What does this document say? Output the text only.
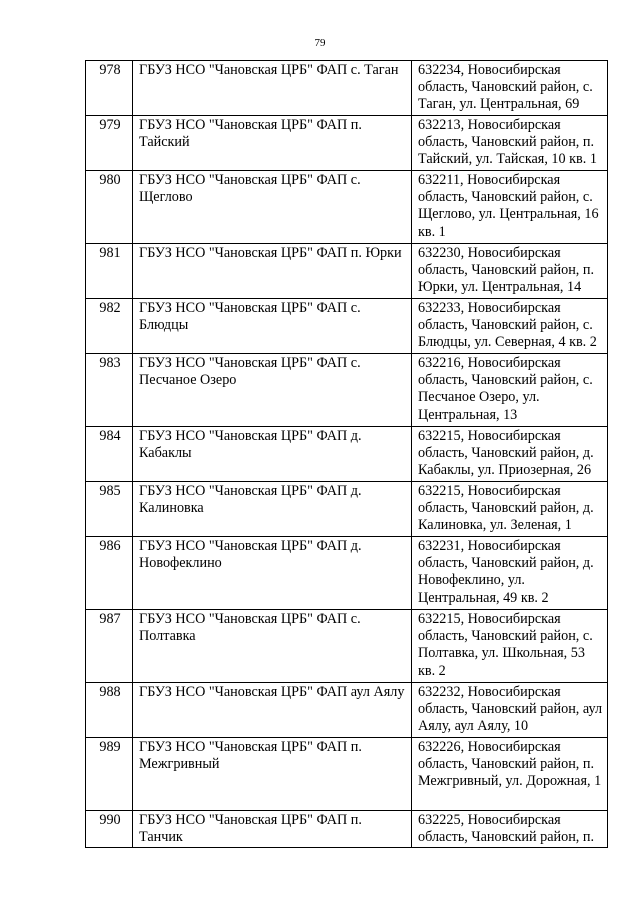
79
978	ГБУЗ НСО "Чановская ЦРБ" ФАП с. Таган	632234, Новосибирская область, Чановский район, с. Таган, ул. Центральная, 69
979	ГБУЗ НСО "Чановская ЦРБ" ФАП п. Тайский	632213, Новосибирская область, Чановский район, п. Тайский, ул. Тайская, 10 кв. 1
980	ГБУЗ НСО "Чановская ЦРБ" ФАП с. Щеглово	632211, Новосибирская область, Чановский район, с. Щеглово, ул. Центральная, 16 кв. 1
981	ГБУЗ НСО "Чановская ЦРБ" ФАП п. Юрки	632230, Новосибирская область, Чановский район, п. Юрки, ул. Центральная, 14
982	ГБУЗ НСО "Чановская ЦРБ" ФАП с. Блюдцы	632233, Новосибирская область, Чановский район, с. Блюдцы, ул. Северная, 4 кв. 2
983	ГБУЗ НСО "Чановская ЦРБ" ФАП с. Песчаное Озеро	632216, Новосибирская область, Чановский район, с. Песчаное Озеро, ул. Центральная, 13
984	ГБУЗ НСО "Чановская ЦРБ" ФАП д. Кабаклы	632215, Новосибирская область, Чановский район, д. Кабаклы, ул. Приозерная, 26
985	ГБУЗ НСО "Чановская ЦРБ" ФАП д. Калиновка	632215, Новосибирская область, Чановский район, д. Калиновка, ул. Зеленая, 1
986	ГБУЗ НСО "Чановская ЦРБ" ФАП д. Новофеклино	632231, Новосибирская область, Чановский район, д. Новофеклино, ул. Центральная, 49 кв. 2
987	ГБУЗ НСО "Чановская ЦРБ" ФАП с. Полтавка	632215, Новосибирская область, Чановский район, с. Полтавка, ул. Школьная, 53 кв. 2
988	ГБУЗ НСО "Чановская ЦРБ" ФАП аул Аялу	632232, Новосибирская область, Чановский район, аул Аялу, аул Аялу, 10
989	ГБУЗ НСО "Чановская ЦРБ" ФАП п. Межгривный	632226, Новосибирская область, Чановский район, п. Межгривный, ул. Дорожная, 1
990	ГБУЗ НСО "Чановская ЦРБ" ФАП п. Танчик	632225, Новосибирская область, Чановский район, п.
